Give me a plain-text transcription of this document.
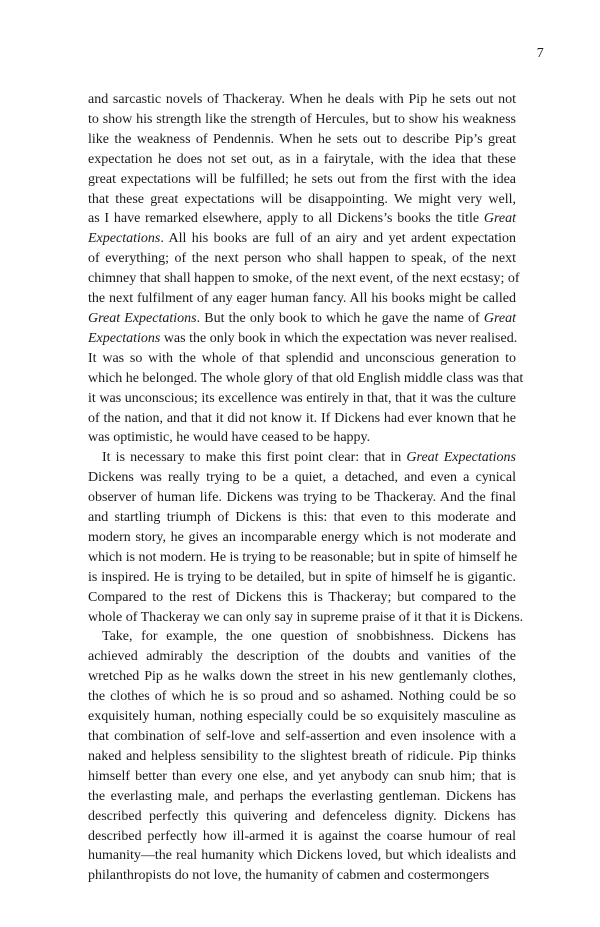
7

and sarcastic novels of Thackeray. When he deals with Pip he sets out not
to show his strength like the strength of Hercules, but to show his weakness
like the weakness of Pendennis. When he sets out to describe Pip’s great
expectation he does not set out, as in a fairytale, with the idea that these
great expectations will be fulfilled; he sets out from the first with the idea
that these great expectations will be disappointing. We might very well,
as I have remarked elsewhere, apply to all Dickens’s books the title Great
Expectations. All his books are full of an airy and yet ardent expectation
of everything; of the next person who shall happen to speak, of the next
chimney that shall happen to smoke, of the next event, of the next ecstasy; of
the next fulfilment of any eager human fancy. All his books might be called
Great Expectations. But the only book to which he gave the name of Great
Expectations was the only book in which the expectation was never realised.
It was so with the whole of that splendid and unconscious generation to
which he belonged. The whole glory of that old English middle class was that
it was unconscious; its excellence was entirely in that, that it was the culture
of the nation, and that it did not know it. If Dickens had ever known that he
was optimistic, he would have ceased to be happy.

It is necessary to make this first point clear: that in Great Expectations
Dickens was really trying to be a quiet, a detached, and even a cynical
observer of human life. Dickens was trying to be Thackeray. And the final
and startling triumph of Dickens is this: that even to this moderate and
modern story, he gives an incomparable energy which is not moderate and
which is not modern. He is trying to be reasonable; but in spite of himself he
is inspired. He is trying to be detailed, but in spite of himself he is gigantic.
Compared to the rest of Dickens this is Thackeray; but compared to the
whole of Thackeray we can only say in supreme praise of it that it is Dickens.

Take, for example, the one question of snobbishness. Dickens has
achieved admirably the description of the doubts and vanities of the
wretched Pip as he walks down the street in his new gentlemanly clothes,
the clothes of which he is so proud and so ashamed. Nothing could be so
exquisitely human, nothing especially could be so exquisitely masculine as
that combination of self-love and self-assertion and even insolence with a
naked and helpless sensibility to the slightest breath of ridicule. Pip thinks
himself better than every one else, and yet anybody can snub him; that is
the everlasting male, and perhaps the everlasting gentleman. Dickens has
described perfectly this quivering and defenceless dignity. Dickens has
described perfectly how ill-armed it is against the coarse humour of real
humanity—the real humanity which Dickens loved, but which idealists and
philanthropists do not love, the humanity of cabmen and costermongers
